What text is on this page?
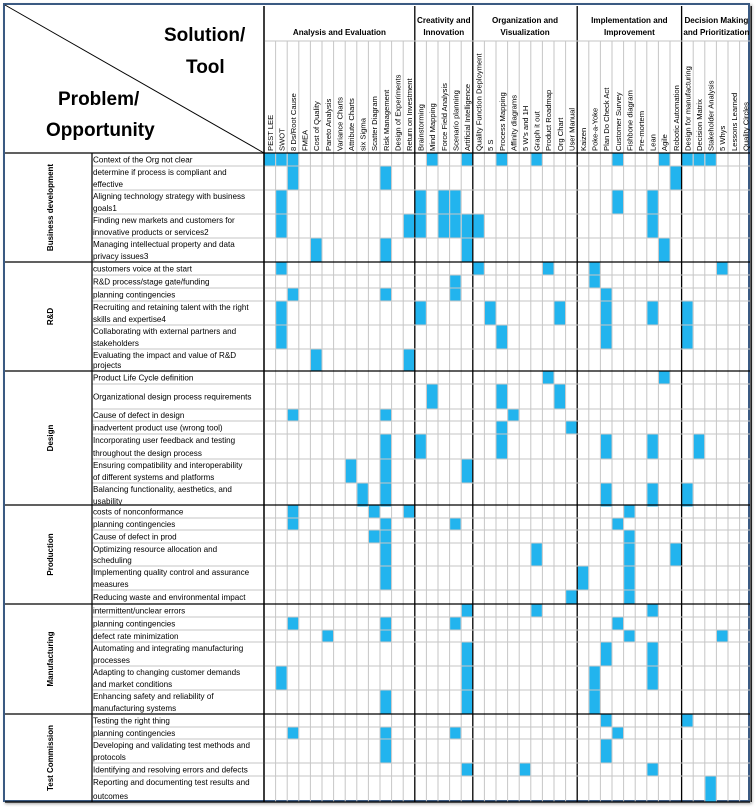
Solution/
Tool
Problem/
Opportunity
Context of the Org not clear
determine if process is compliant and
effective
Aligning technology strategy with business
goals1
Finding new markets and customers for
innovative products or services2
Managing intellectual property and data
privacy issues3
Business development
customers voice at the start
R&D process/stage gate/funding
planning contingencies
Recruiting and retaining talent with the right
skills and expertise4
Collaborating with external partners and
stakeholders
Evaluating the impact and value of R&D
projects
R&D
Product Life Cycle definition
Organizational design process requirements
Cause of defect in design
inadvertent product use (wrong tool)
Incorporating user feedback and testing
throughout the design process
Ensuring compatibility and interoperability
of different systems and platforms
Balancing functionality, aesthetics, and
usability
Design
costs of nonconformance
planning contingencies
Cause of defect in prod
Optimizing resource allocation and
scheduling
Implementing quality control and assurance
measures
Reducing waste and environmental impact
Production
intermittent/unclear errors
planning contingencies
defect rate minimization
Automating and integrating manufacturing
processes
Adapting to changing customer demands
and market conditions
Enhancing safety and reliability of
manufacturing systems
Manufacturing
Testing the right thing
planning contingencies
Developing and validating test methods and
protocols
Identifying and resolving errors and defects
Reporting and documenting test results and
outcomes
Test Commission
Analysis and Evaluation
PEST LEE SWOT 8 Ds/Root Cause FMEA Cost of Quality Pareto Analysis Variance Charts Attribute Charts six Sigma Scatter Diagram Risk Management Design of Experiments Return on Investment
Creativity and
Innovation
Brainstorming Mind Mapping Force Field Analysis Scenario planning Artificial Intelligence
Organization and
Visualization
Quality Function Deployment 5 S Process Mapping Affinity diagrams 5 W's and 1H Graph it out Product Roadmap Org Chart User Manual
Implementation and
Improvement
Kaizen Poke-a-Yoke Plan Do Check Act Customer Survey Fishbone diagram Pre-mortem Lean Agile Robotic Automation
Decision Making
and Prioritization
Design for manufacturing Decision Matrix Stakeholder Analysis 5 Whys Lessons Learned Quality Circles
